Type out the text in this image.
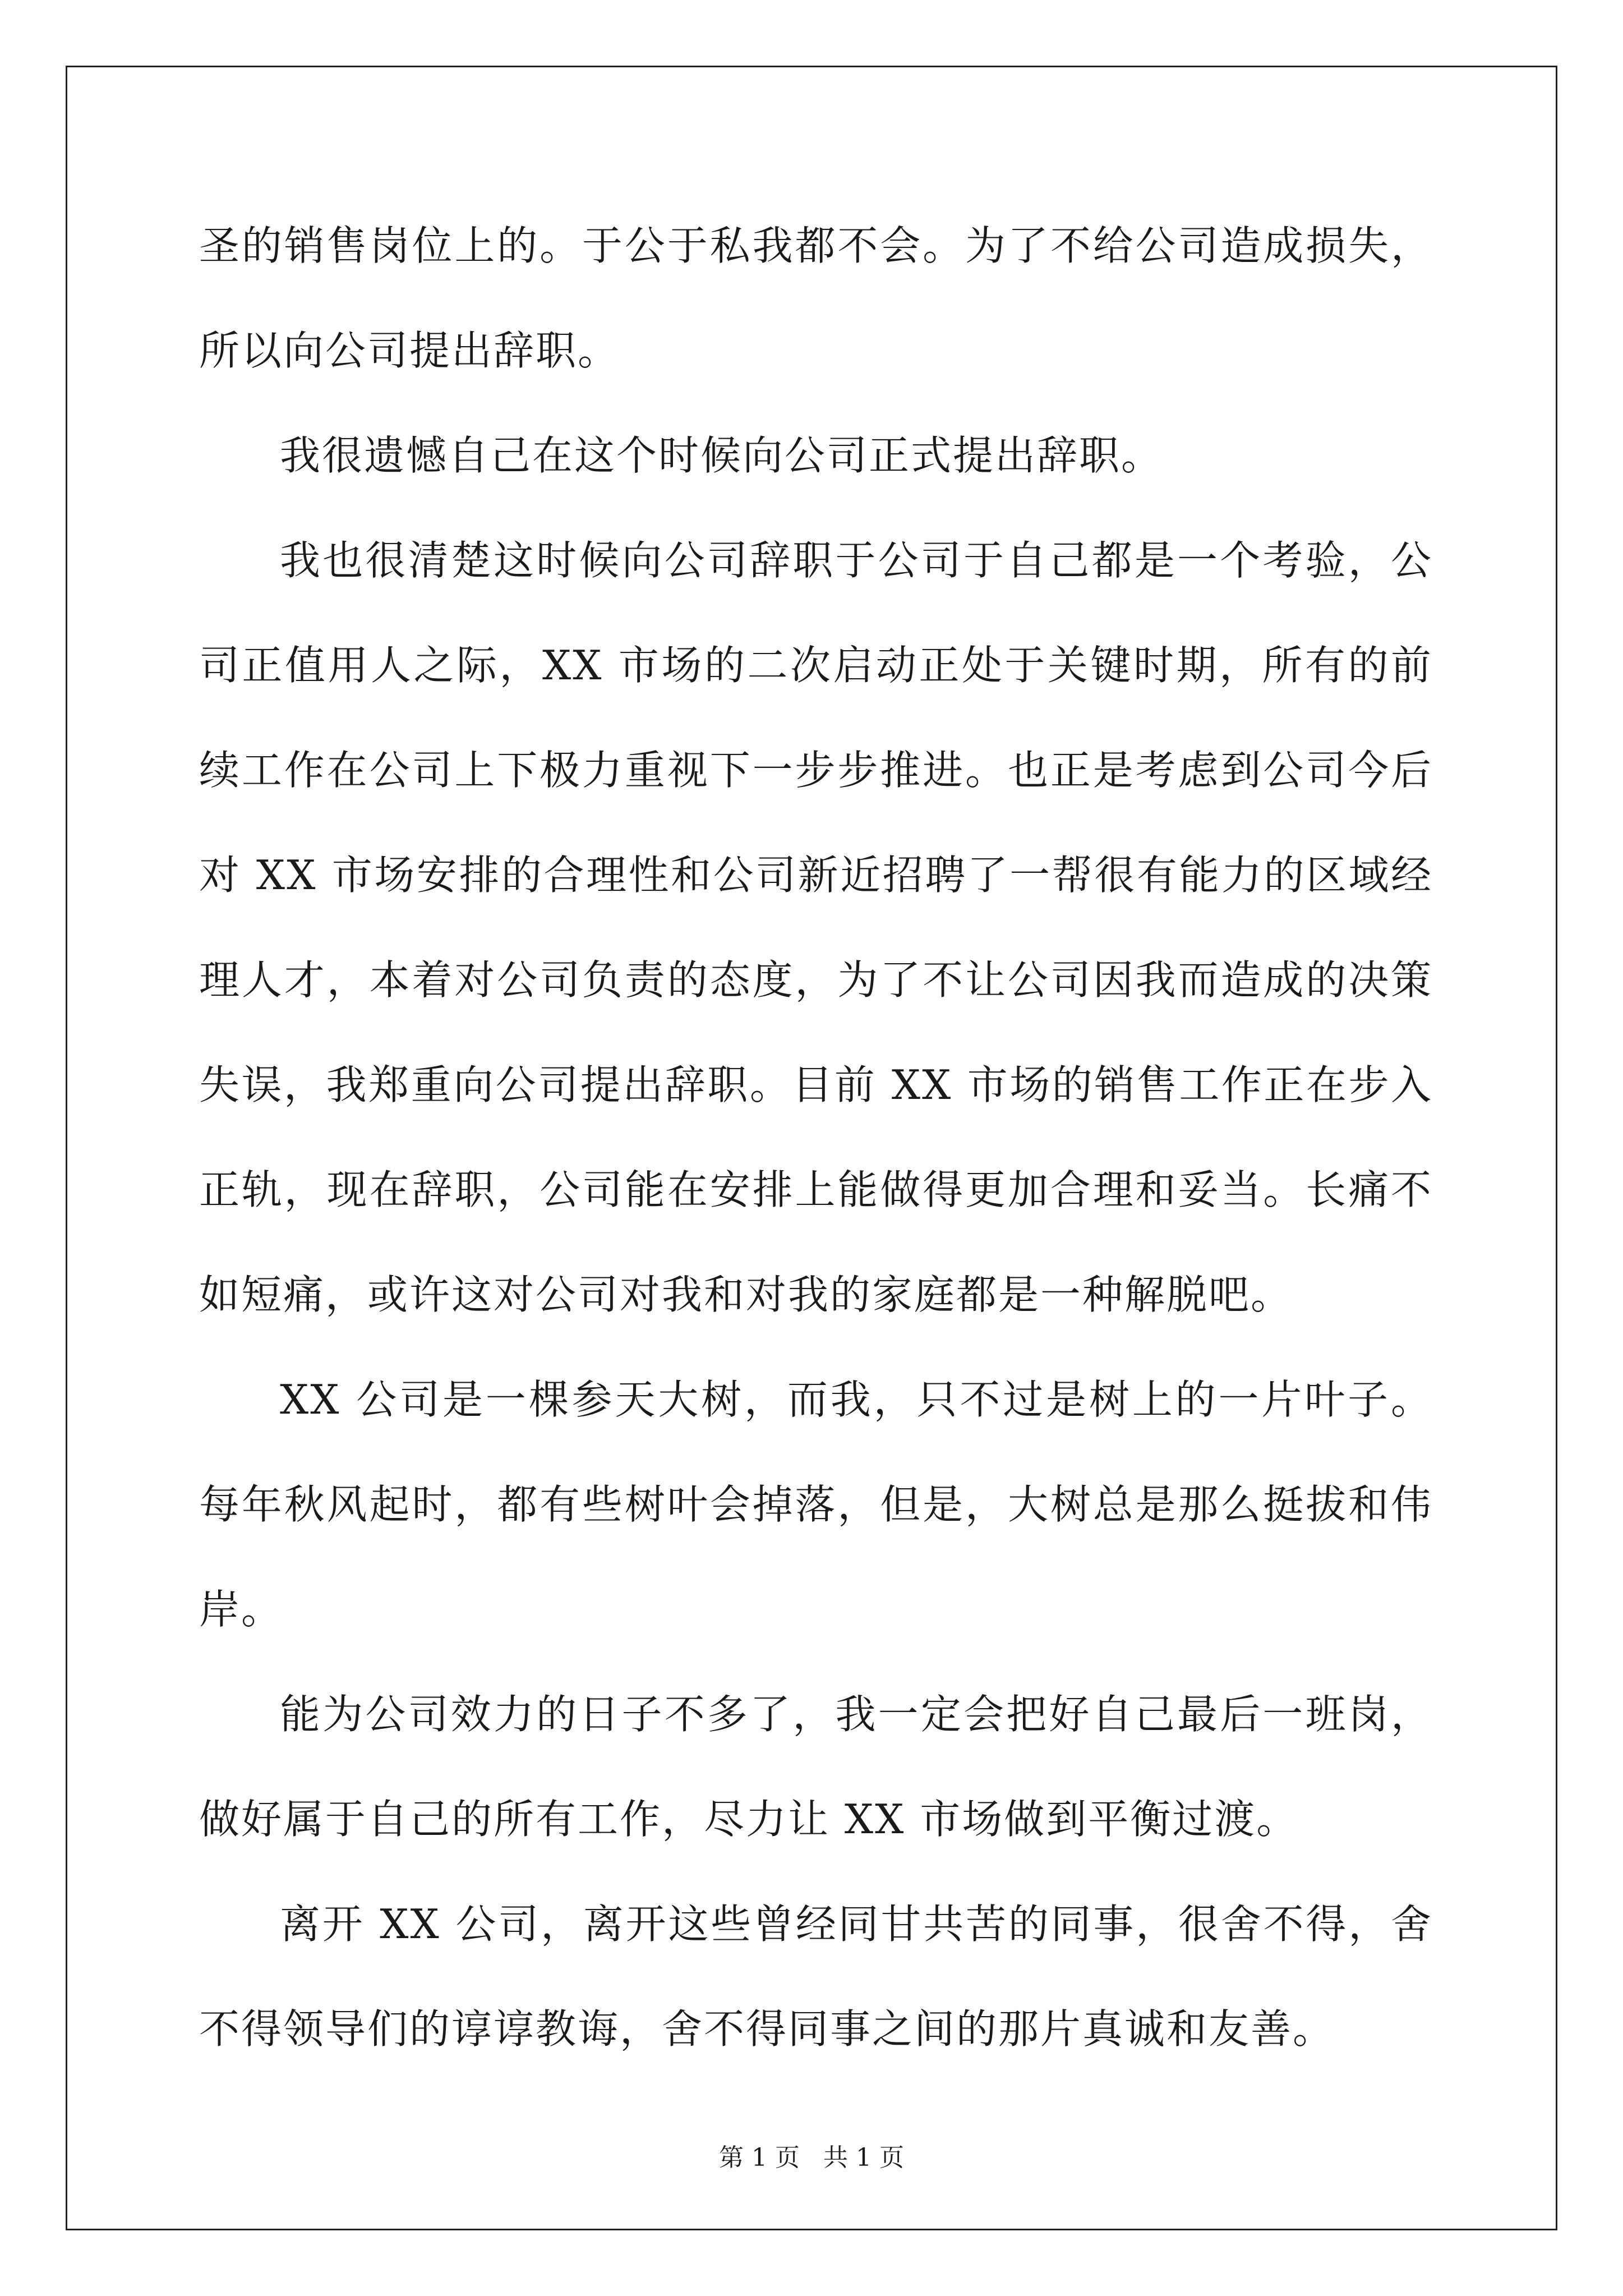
圣的销售岗位上的。于公于私我都不会。为了不给公司造成损失，所以向公司提出辞职。

我很遗憾自己在这个时候向公司正式提出辞职。

我也很清楚这时候向公司辞职于公司于自己都是一个考验，公司正值用人之际，XX 市场的二次启动正处于关键时期，所有的前续工作在公司上下极力重视下一步步推进。也正是考虑到公司今后对 XX 市场安排的合理性和公司新近招聘了一帮很有能力的区域经理人才，本着对公司负责的态度，为了不让公司因我而造成的决策失误，我郑重向公司提出辞职。目前 XX 市场的销售工作正在步入正轨，现在辞职，公司能在安排上能做得更加合理和妥当。长痛不如短痛，或许这对公司对我和对我的家庭都是一种解脱吧。

XX 公司是一棵参天大树，而我，只不过是树上的一片叶子。每年秋风起时，都有些树叶会掉落，但是，大树总是那么挺拔和伟岸。

能为公司效力的日子不多了，我一定会把好自己最后一班岗，做好属于自己的所有工作，尽力让 XX 市场做到平衡过渡。

离开 XX 公司，离开这些曾经同甘共苦的同事，很舍不得，舍不得领导们的谆谆教诲，舍不得同事之间的那片真诚和友善。

第 1 页   共 1 页
